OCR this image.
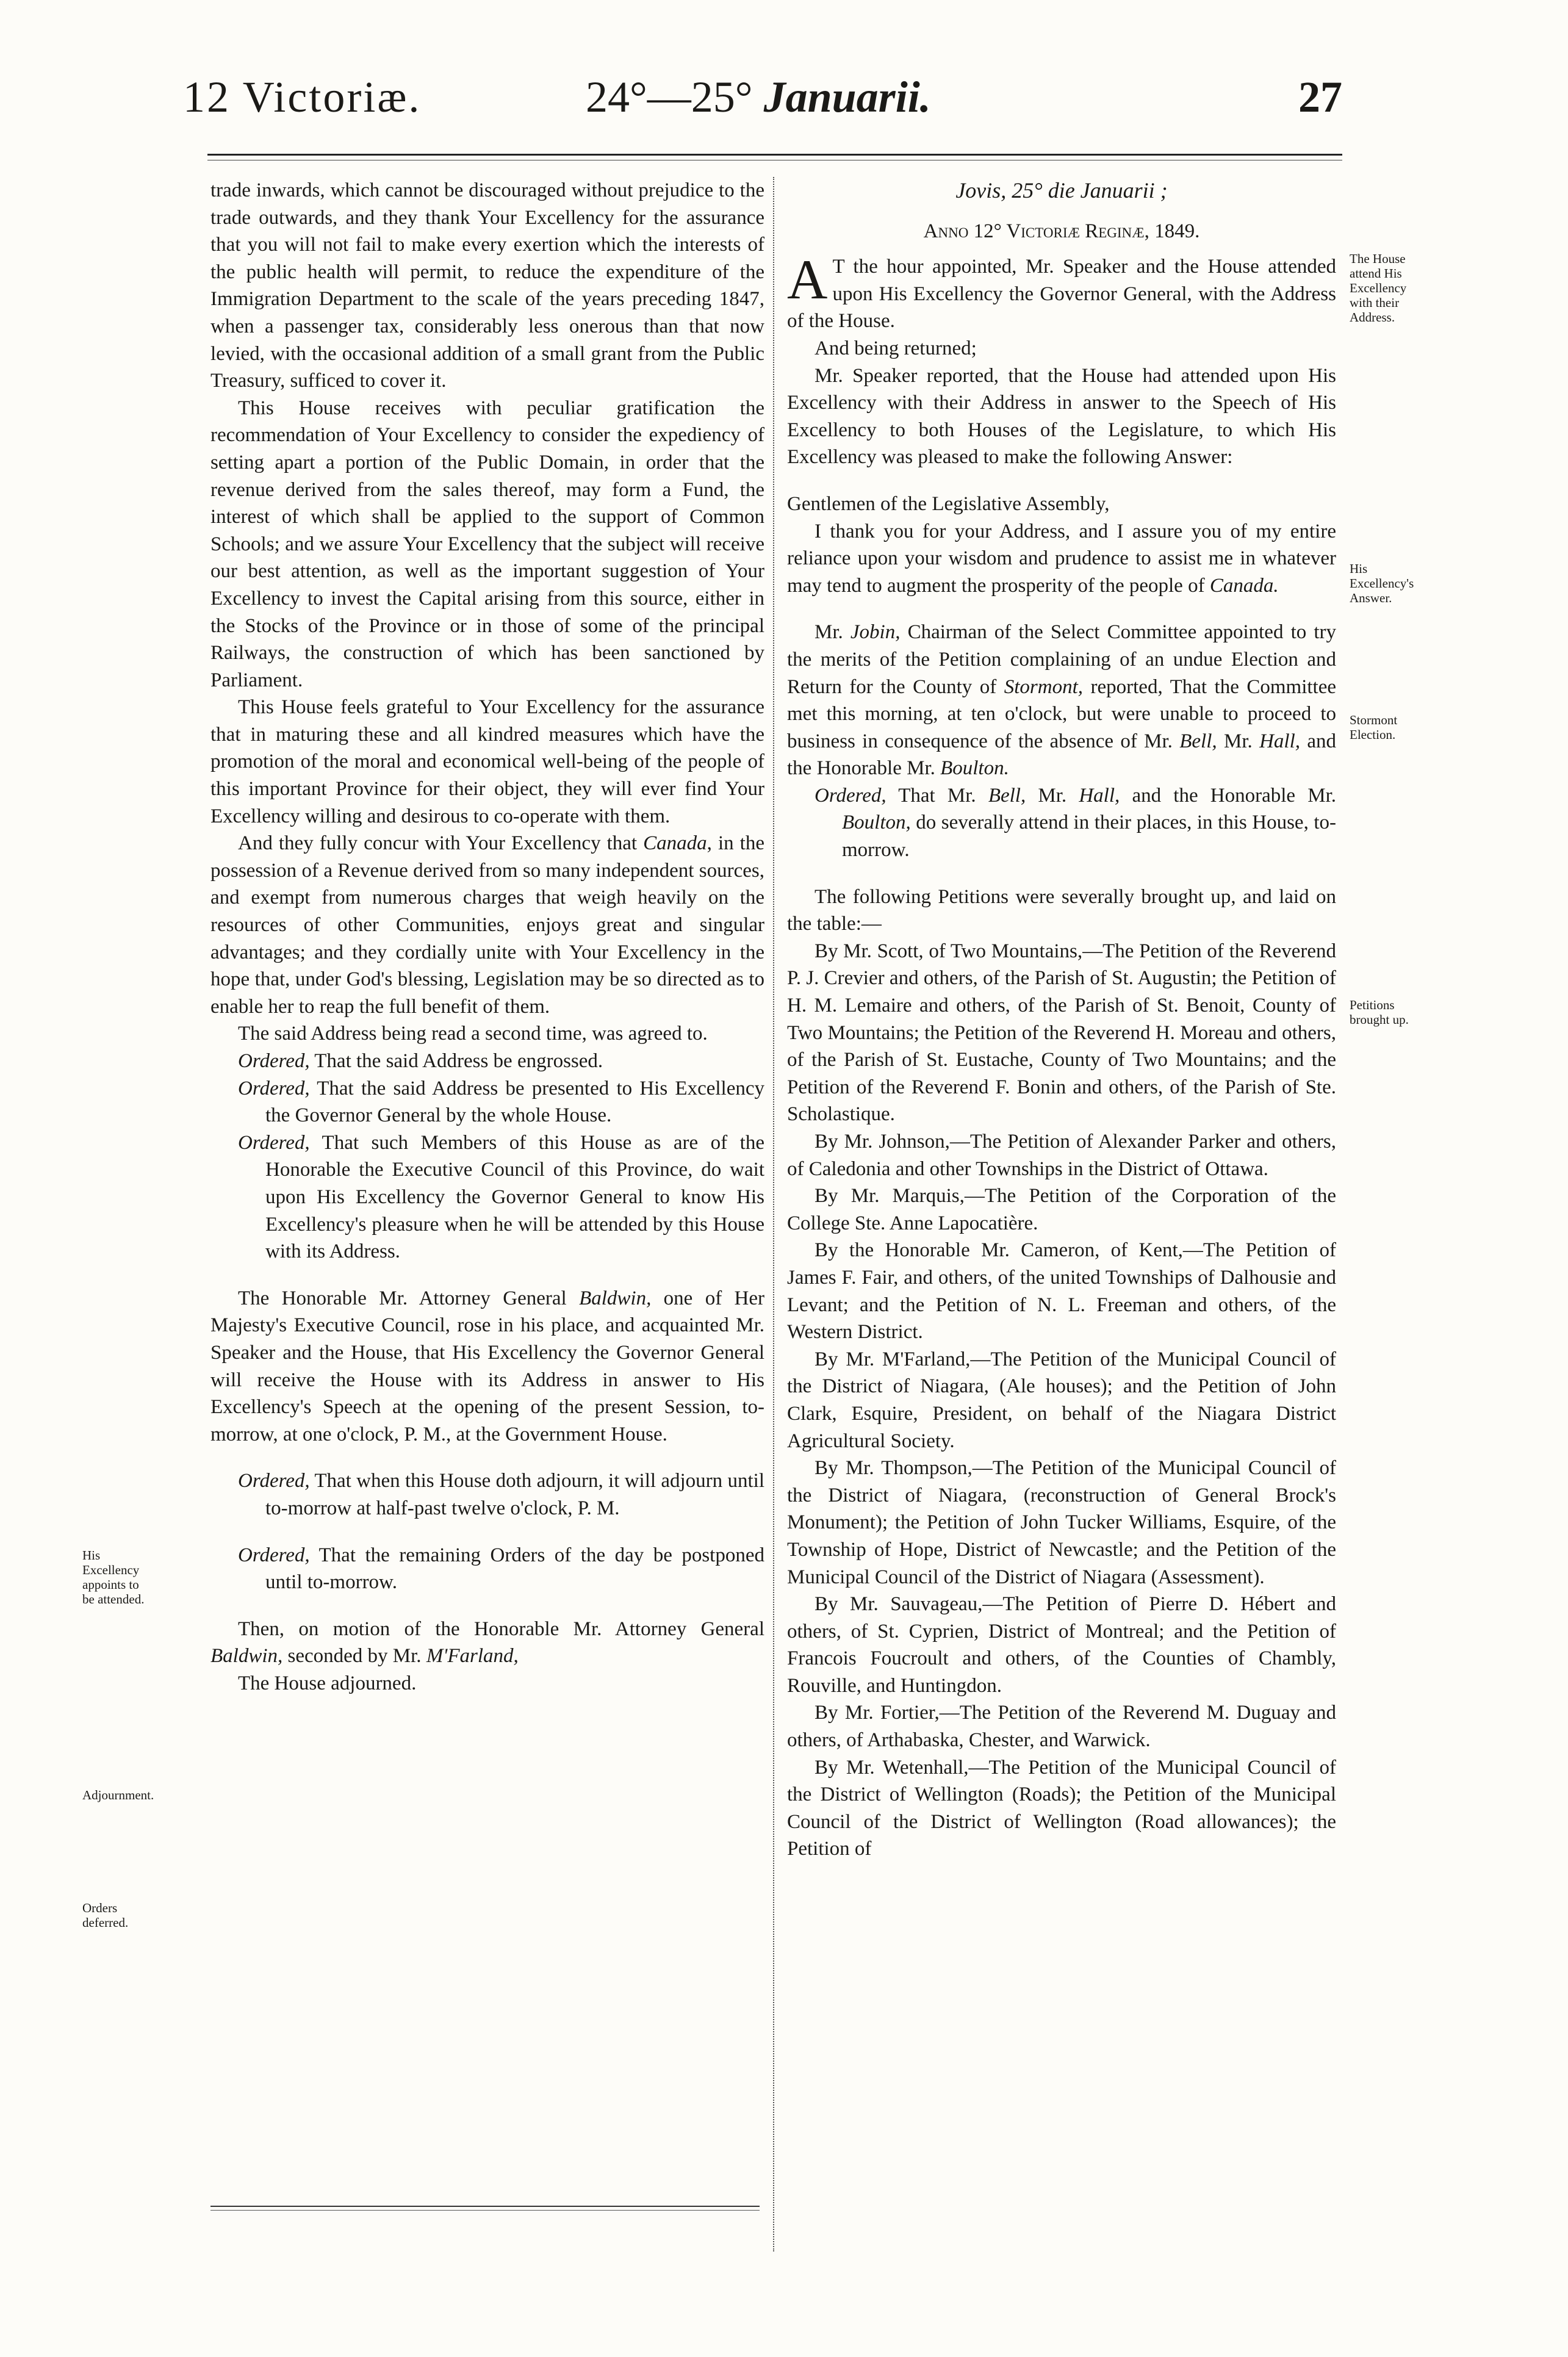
12 Victoriæ.	24°—25° Januarii.	27

trade inwards, which cannot be discouraged without prejudice to the trade outwards, and they thank Your Excellency for the assurance that you will not fail to make every exertion which the interests of the public health will permit, to reduce the expenditure of the Immigration Department to the scale of the years preceding 1847, when a passenger tax, considerably less onerous than that now levied, with the occasional addition of a small grant from the Public Treasury, sufficed to cover it.

This House receives with peculiar gratification the recommendation of Your Excellency to consider the expediency of setting apart a portion of the Public Domain, in order that the revenue derived from the sales thereof, may form a Fund, the interest of which shall be applied to the support of Common Schools; and we assure Your Excellency that the subject will receive our best attention, as well as the important suggestion of Your Excellency to invest the Capital arising from this source, either in the Stocks of the Province or in those of some of the principal Railways, the construction of which has been sanctioned by Parliament.

This House feels grateful to Your Excellency for the assurance that in maturing these and all kindred measures which have the promotion of the moral and economical well-being of the people of this important Province for their object, they will ever find Your Excellency willing and desirous to co-operate with them.

And they fully concur with Your Excellency that Canada, in the possession of a Revenue derived from so many independent sources, and exempt from numerous charges that weigh heavily on the resources of other Communities, enjoys great and singular advantages; and they cordially unite with Your Excellency in the hope that, under God's blessing, Legislation may be so directed as to enable her to reap the full benefit of them.

The said Address being read a second time, was agreed to.

Ordered, That the said Address be engrossed.

Ordered, That the said Address be presented to His Excellency the Governor General by the whole House.

Ordered, That such Members of this House as are of the Honorable the Executive Council of this Province, do wait upon His Excellency the Governor General to know His Excellency's pleasure when he will be attended by this House with its Address.

The Honorable Mr. Attorney General Baldwin, one of Her Majesty's Executive Council, rose in his place, and acquainted Mr. Speaker and the House, that His Excellency the Governor General will receive the House with its Address in answer to His Excellency's Speech at the opening of the present Session, to-morrow, at one o'clock, P. M., at the Government House.

Ordered, That when this House doth adjourn, it will adjourn until to-morrow at half-past twelve o'clock, P. M.

Ordered, That the remaining Orders of the day be postponed until to-morrow.

Then, on motion of the Honorable Mr. Attorney General Baldwin, seconded by Mr. M'Farland,

The House adjourned.

Jovis, 25° die Januarii ;

Anno 12° Victoriæ Reginæ, 1849.

A T the hour appointed, Mr. Speaker and the House attended upon His Excellency the Governor General, with the Address of the House.

And being returned;

Mr. Speaker reported, that the House had attended upon His Excellency with their Address in answer to the Speech of His Excellency to both Houses of the Legislature, to which His Excellency was pleased to make the following Answer:

Gentlemen of the Legislative Assembly,

I thank you for your Address, and I assure you of my entire reliance upon your wisdom and prudence to assist me in whatever may tend to augment the prosperity of the people of Canada.

Mr. Jobin, Chairman of the Select Committee appointed to try the merits of the Petition complaining of an undue Election and Return for the County of Stormont, reported, That the Committee met this morning, at ten o'clock, but were unable to proceed to business in consequence of the absence of Mr. Bell, Mr. Hall, and the Honorable Mr. Boulton.

Ordered, That Mr. Bell, Mr. Hall, and the Honorable Mr. Boulton, do severally attend in their places, in this House, to-morrow.

The following Petitions were severally brought up, and laid on the table:—

By Mr. Scott, of Two Mountains,—The Petition of the Reverend P. J. Crevier and others, of the Parish of St. Augustin; the Petition of H. M. Lemaire and others, of the Parish of St. Benoit, County of Two Mountains; the Petition of the Reverend H. Moreau and others, of the Parish of St. Eustache, County of Two Mountains; and the Petition of the Reverend F. Bonin and others, of the Parish of Ste. Scholastique.

By Mr. Johnson,—The Petition of Alexander Parker and others, of Caledonia and other Townships in the District of Ottawa.

By Mr. Marquis,—The Petition of the Corporation of the College Ste. Anne Lapocatière.

By the Honorable Mr. Cameron, of Kent,—The Petition of James F. Fair, and others, of the united Townships of Dalhousie and Levant; and the Petition of N. L. Freeman and others, of the Western District.

By Mr. M'Farland,—The Petition of the Municipal Council of the District of Niagara, (Ale houses); and the Petition of John Clark, Esquire, President, on behalf of the Niagara District Agricultural Society.

By Mr. Thompson,—The Petition of the Municipal Council of the District of Niagara, (reconstruction of General Brock's Monument); the Petition of John Tucker Williams, Esquire, of the Township of Hope, District of Newcastle; and the Petition of the Municipal Council of the District of Niagara (Assessment).

By Mr. Sauvageau,—The Petition of Pierre D. Hébert and others, of St. Cyprien, District of Montreal; and the Petition of Francois Foucroult and others, of the Counties of Chambly, Rouville, and Huntingdon.

By Mr. Fortier,—The Petition of the Reverend M. Duguay and others, of Arthabaska, Chester, and Warwick.

By Mr. Wetenhall,—The Petition of the Municipal Council of the District of Wellington (Roads); the Petition of the Municipal Council of the District of Wellington (Road allowances); the Petition of

His Excellency appoints to be attended.
Adjournment.
Orders deferred.
The House attend His Excellency with their Address.
His Excellency's Answer.
Stormont Election.
Petitions brought up.
